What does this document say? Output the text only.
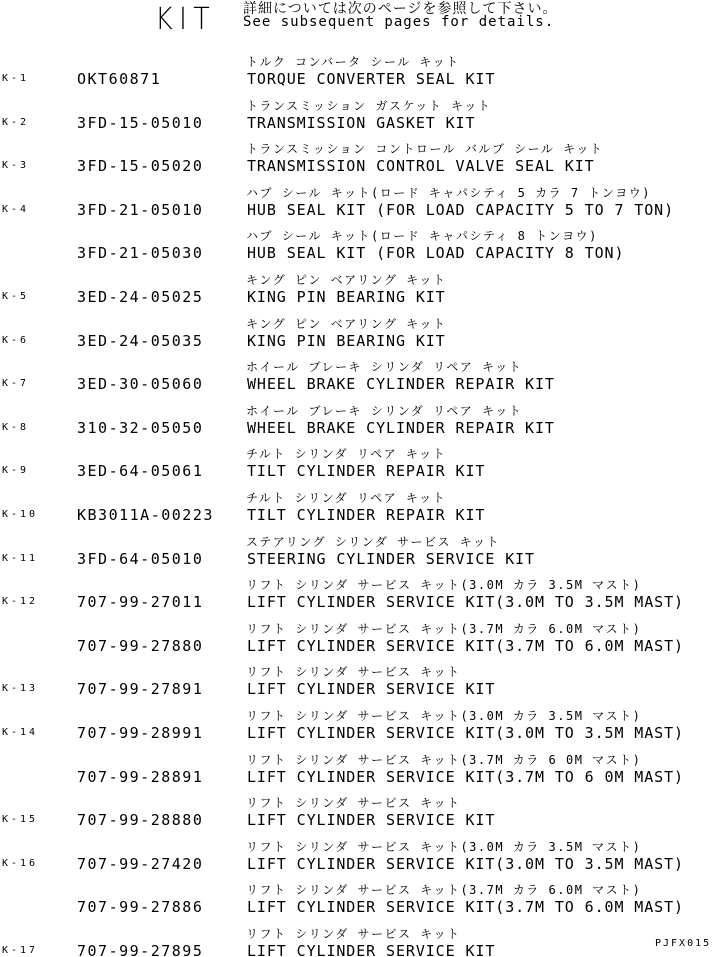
KIT 詳細については次のページを参照して下さい。
See subsequent pages for details.
K-1	OKT60871
トルク コンバータ シール キット
TORQUE CONVERTER SEAL KIT
K-2	3FD-15-05010
トランスミッション ガスケット キット
TRANSMISSION GASKET KIT
K-3	3FD-15-05020
トランスミッション コントロール バルブ シール キット
TRANSMISSION CONTROL VALVE SEAL KIT
K-4	3FD-21-05010
ハブ シール キット(ロード キャパシティ 5 カラ 7 トンヨウ)
HUB SEAL KIT (FOR LOAD CAPACITY 5 TO 7 TON)
3FD-21-05030
ハブ シール キット(ロード キャパシティ 8 トンヨウ)
HUB SEAL KIT (FOR LOAD CAPACITY 8 TON)
K-5	3ED-24-05025
キング ピン ベアリング キット
KING PIN BEARING KIT
K-6	3ED-24-05035
キング ピン ベアリング キット
KING PIN BEARING KIT
K-7	3ED-30-05060
ホイール ブレーキ シリンダ リペア キット
WHEEL BRAKE CYLINDER REPAIR KIT
K-8	310-32-05050
ホイール ブレーキ シリンダ リペア キット
WHEEL BRAKE CYLINDER REPAIR KIT
K-9	3ED-64-05061
チルト シリンダ リペア キット
TILT CYLINDER REPAIR KIT
K-10	KB3011A-00223
チルト シリンダ リペア キット
TILT CYLINDER REPAIR KIT
K-11	3FD-64-05010
ステアリング シリンダ サービス キット
STEERING CYLINDER SERVICE KIT
K-12	707-99-27011
リフト シリンダ サービス キット(3.0M カラ 3.5M マスト)
LIFT CYLINDER SERVICE KIT(3.0M TO 3.5M MAST)
707-99-27880
リフト シリンダ サービス キット(3.7M カラ 6.0M マスト)
LIFT CYLINDER SERVICE KIT(3.7M TO 6.0M MAST)
K-13	707-99-27891
リフト シリンダ サービス キット
LIFT CYLINDER SERVICE KIT
K-14	707-99-28991
リフト シリンダ サービス キット(3.0M カラ 3.5M マスト)
LIFT CYLINDER SERVICE KIT(3.0M TO 3.5M MAST)
707-99-28891
リフト シリンダ サービス キット(3.7M カラ 6 0M マスト)
LIFT CYLINDER SERVICE KIT(3.7M TO 6 0M MAST)
K-15	707-99-28880
リフト シリンダ サービス キット
LIFT CYLINDER SERVICE KIT
K-16	707-99-27420
リフト シリンダ サービス キット(3.0M カラ 3.5M マスト)
LIFT CYLINDER SERVICE KIT(3.0M TO 3.5M MAST)
707-99-27886
リフト シリンダ サービス キット(3.7M カラ 6.0M マスト)
LIFT CYLINDER SERVICE KIT(3.7M TO 6.0M MAST)
K-17	707-99-27895
リフト シリンダ サービス キット
LIFT CYLINDER SERVICE KIT	PJFX015
